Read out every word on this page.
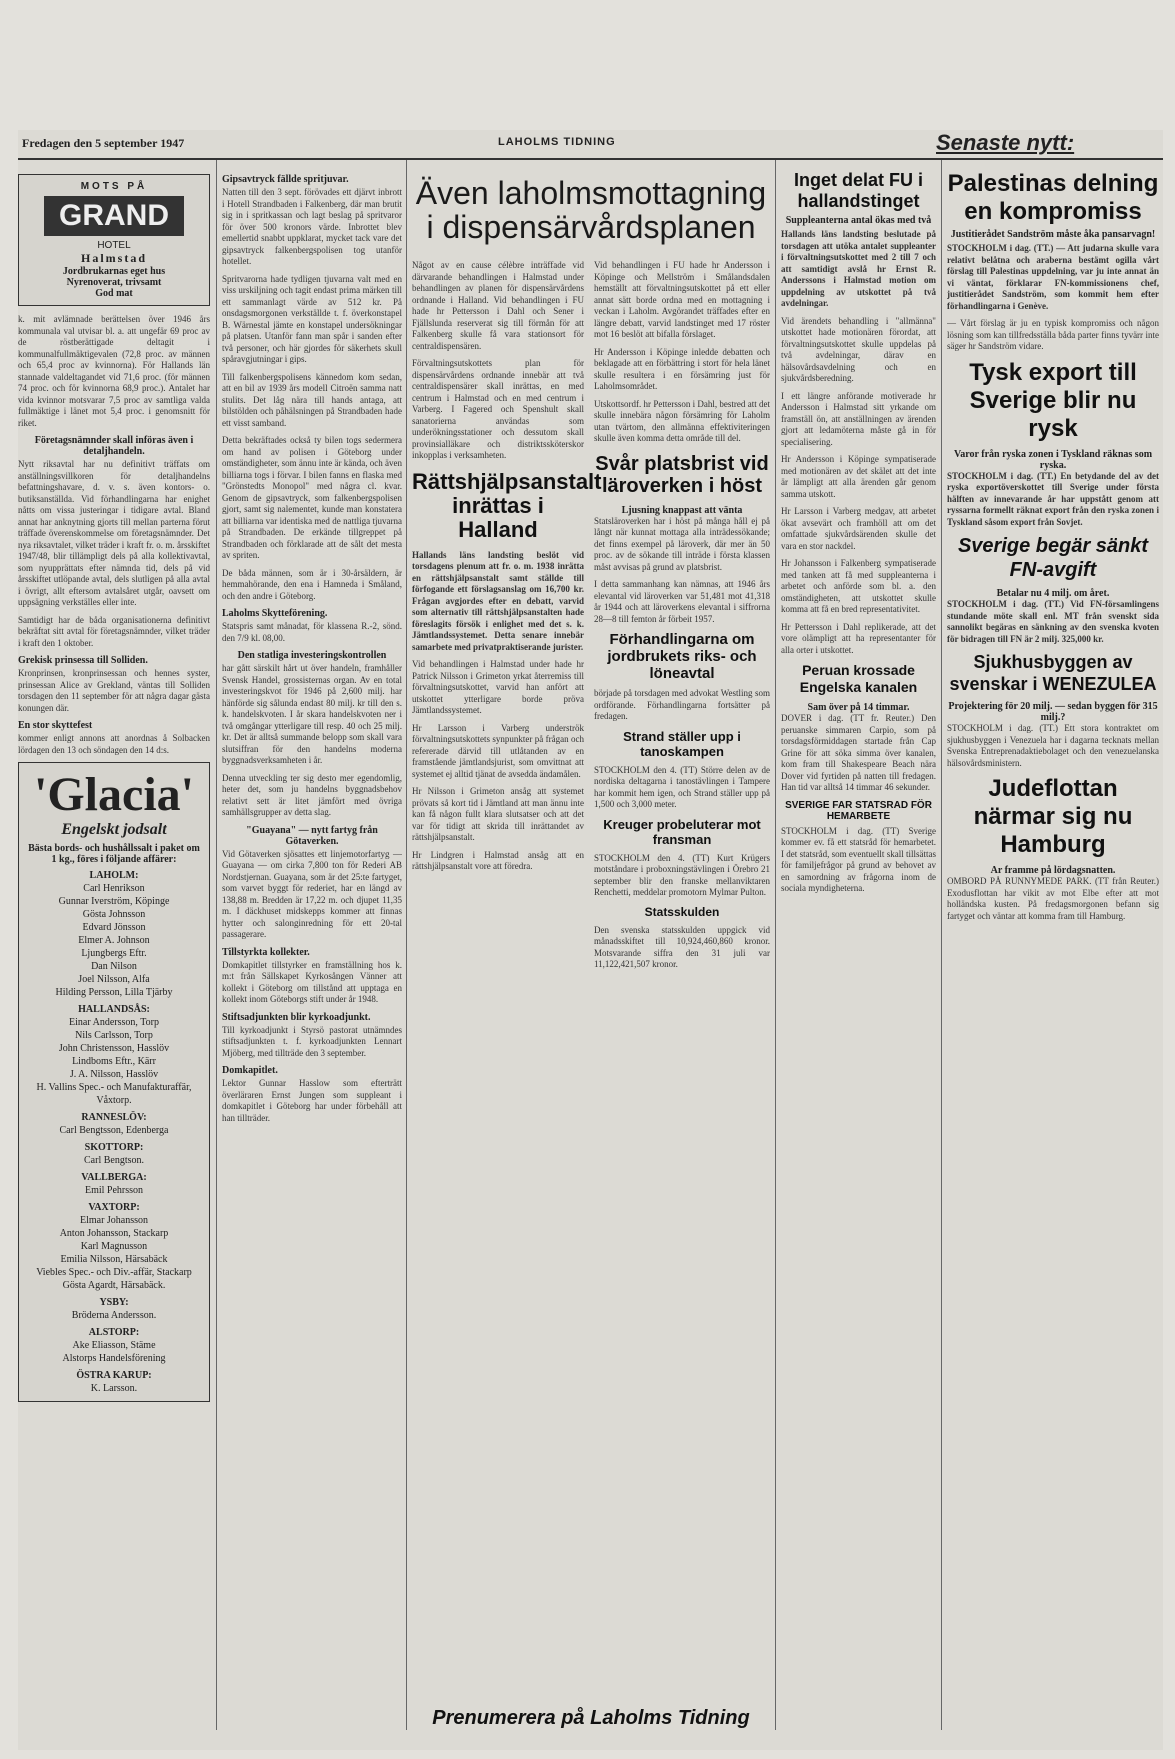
Fredagen den 5 september 1947	LAHOLMS TIDNING	Senaste nytt:
MOTS PÅ
GRAND
HOTEL
Halmstad
Jordbrukarnas eget hus
Nyrenoverat, trivsamt
God mat

k. mit avlämnade berättelsen över 1946 års kommunala val utvisar bl. a. att ungefär 69 proc av de röstberättigade deltagit i kommunalfullmäktigevalen (72,8 proc. av männen och 65,4 proc av kvinnorna). För Hallands län stannade valdeltagandet vid 71,6 proc. (för männen 74 proc. och för kvinnorna 68,9 proc.). Antalet har vida kvinnor motsvarar 7,5 proc av samtliga valda fullmäktige i länet mot 5,4 proc. i genomsnitt för riket.

Företagsnämnder skall införas även i detaljhandeln.

Nytt riksavtal har nu definitivt träffats om anställningsvillkoren för detaljhandelns befattningshavare, d. v. s. även kontors- o. butiksanställda. Vid förhandlingarna har enighet nåtts om vissa justeringar i tidigare avtal. Bland annat har anknytning gjorts till mellan parterna förut träffade överenskommelse om företagsnämnder. Det nya riksavtalet, vilket träder i kraft fr. o. m. årsskiftet 1947/48, blir tillämpligt dels på alla kollektivavtal, som nyupprättats efter nämnda tid, dels på vid årsskiftet utlöpande avtal, dels slutligen på alla avtal i övrigt, allt eftersom avtalsåret utgår, oavsett om uppsägning verkställes eller inte.

Samtidigt har de båda organisationerna definitivt bekräftat sitt avtal för företagsnämnder, vilket träder i kraft den 1 oktober.

Grekisk prinsessa till Solliden.

Kronprinsen, kronprinsessan och hennes syster, prinsessan Alice av Grekland, väntas till Solliden torsdagen den 11 september för att några dagar gästa konungen där.

En stor skyttefest

kommer enligt annons att anordnas å Solbacken lördagen den 13 och söndagen den 14 d:s.

'Glacia'
Engelskt jodsalt
Bästa bords- och hushållssalt i paket om 1 kg., föres i följande affärer:
LAHOLM:
Carl Henrikson
Gunnar Iverström, Köpinge
Gösta Johnsson
Edvard Jönsson
Elmer A. Johnson
Ljungbergs Eftr.
Dan Nilson
Joel Nilsson, Alfa
Hilding Persson, Lilla Tjärby
HALLANDSÅS:
Einar Andersson, Torp
Nils Carlsson, Torp
John Christensson, Hasslöv
Lindboms Eftr., Kärr
J. A. Nilsson, Hasslöv
H. Vallins Spec.- och Manufakturaffär, Våxtorp.
RANNESLÖV:
Carl Bengtsson, Edenberga
SKOTTORP:
Carl Bengtson.
VALLBERGA:
Emil Pehrsson
VAXTORP:
Elmar Johansson
Anton Johansson, Stackarp
Karl Magnusson
Emilia Nilsson, Härsabäck
Viebles Spec.- och Div.-affär, Stackarp
Gösta Agardt, Härsabäck.
YSBY:
Bröderna Andersson.
ALSTORP:
Ake Eliasson, Stäme
Alstorps Handelsförening
ÖSTRA KARUP:
K. Larsson.
Gipsavtryck fällde spritjuvar.

Natten till den 3 sept. förövades ett djärvt inbrott i Hotell Strandbaden i Falkenberg, där man brutit sig in i spritkassan och lagt beslag på spritvaror för över 500 kronors värde. Inbrottet blev emellertid snabbt uppklarat, mycket tack vare det gipsavtryck falkenbergspolisen tog utanför hotellet.

Spritvarorna hade tydligen tjuvarna valt med en viss urskiljning och tagit endast prima märken till ett sammanlagt värde av 512 kr. På onsdagsmorgonen verkställde t. f. överkonstapel B. Wärnestal jämte en konstapel undersökningar på platsen. Utanför fann man spår i sanden efter två personer, och här gjordes för säkerhets skull spåravgjutningar i gips.

Till falkenbergspolisens kännedom kom sedan, att en bil av 1939 års modell Citroën samma natt stulits. Det låg nära till hands antaga, att bilstölden och påhälsningen på Strandbaden hade ett visst samband.

Detta bekräftades också ty bilen togs sedermera om hand av polisen i Göteborg under omständigheter, som ännu inte är kända, och även billiarna togs i förvar. I bilen fanns en flaska med "Grönstedts Monopol" med några cl. kvar. Genom de gipsavtryck, som falkenbergspolisen gjort, samt sig nalementet, kunde man konstatera att billiarna var identiska med de nattliga tjuvarna på Strandbaden. De erkände tillgreppet på Strandbaden och förklarade att de sålt det mesta av spriten.

De båda männen, som är i 30-årsäldern, är hemmahörande, den ena i Hamneda i Småland, och den andre i Göteborg.

Laholms Skytteförening.

Statspris samt månadat, för klassena R.-2, sönd. den 7/9 kl. 08,00.

Den statliga investeringskontrollen

har gått särskilt hårt ut över handeln, framhåller Svensk Handel, grossisternas organ. Av en total investeringskvot för 1946 på 2,600 milj. har hänförde sig sålunda endast 80 milj. kr till den s. k. handelskvoten. I år skara handelskvoten ner i två omgångar ytterligare till resp. 40 och 25 milj. kr. Det är alltså summande belopp som skall vara slutsiffran för den handelns moderna byggnadsverksamheten i år.

Denna utveckling ter sig desto mer egendomlig, heter det, som ju handelns byggnadsbehov relativt sett är litet jämfört med övriga samhällsgrupper av detta slag.

"Guayana" — nytt fartyg från Götaverken.

Vid Götaverken sjösattes ett linjemotorfartyg — Guayana — om cirka 7,800 ton för Rederi AB Nordstjernan. Guayana, som är det 25:te fartyget, som varvet byggt för rederiet, har en längd av 138,88 m. Bredden är 17,22 m. och djupet 11,35 m. I däckhuset midskepps kommer att finnas hytter och salonginredning för ett 20-tal passagerare.

Tillstyrkta kollekter.

Domkapitlet tillstyrker en framställning hos k. m:t från Sällskapet Kyrkosången Vänner att kollekt i Göteborg om tillstånd att upptaga en kollekt inom Göteborgs stift under år 1948.

Stiftsadjunkten blir kyrkoadjunkt.

Till kyrkoadjunkt i Styrsö pastorat utnämndes stiftsadjunkten t. f. kyrkoadjunkten Lennart Mjöberg, med tillträde den 3 september.

Domkapitlet.

Lektor Gunnar Hasslow som efterträtt överläraren Ernst Jungen som suppleant i domkapitlet i Göteborg har under förbehåll att han tillträder.

Även laholmsmottagning i dispensärvårdsplanen

Något av en cause célèbre inträffade vid därvarande behandlingen i Halmstad under behandlingen av planen för dispensärvårdens ordnande i Halland. Vid behandlingen i FU hade hr Pettersson i Dahl och Sener i Fjällslunda reserverat sig till förmån för att Falkenberg skulle få vara stationsort för centraldispensären.

Förvaltningsutskottets plan för dispensärvårdens ordnande innebär att två centraldispensärer skall inrättas, en med centrum i Halmstad och en med centrum i Varberg. I Fagered och Spenshult skall sanatorierna användas som underökningsstationer och dessutom skall provinsialläkare och distriktssköterskor inkopplas i verksamheten.

Rättshjälpsanstalt inrättas i Halland

Hallands läns landsting beslöt vid torsdagens plenum att fr. o. m. 1938 inrätta en rättshjälpsanstalt samt ställde till förfogande ett förslagsanslag om 16,700 kr. Frågan avgjordes efter en debatt, varvid som alternativ till rättshjälpsanstalten hade föreslagits försök i enlighet med det s. k. Jämtlandssystemet. Detta senare innebär samarbete med privatpraktiserande jurister.

Vid behandlingen i Halmstad under hade hr Patrick Nilsson i Grimeton yrkat återremiss till förvaltningsutskottet, varvid han anfört att utskottet ytterligare borde pröva Jämtlandssystemet.

Hr Larsson i Varberg underströk förvaltningsutskottets synpunkter på frågan och refererade därvid till utlåtanden av en framstående jämtlandsjurist, som omvittnat att systemet ej alltid tjänat de avsedda ändamålen.

Hr Nilsson i Grimeton ansåg att systemet prövats så kort tid i Jämtland att man ännu inte kan få någon fullt klara slutsatser och att det var för tidigt att skrida till inrättandet av rättshjälpsanstalt.

Hr Lindgren i Halmstad ansåg att en rättshjälpsanstalt vore att föredra.

Vid behandlingen i FU hade hr Andersson i Köpinge och Mellström i Smålandsdalen hemställt att förvaltningsutskottet på ett eller annat sätt borde ordna med en mottagning i veckan i Laholm. Avgörandet träffades efter en längre debatt, varvid landstinget med 17 röster mot 16 beslöt att bifalla förslaget.

Hr Andersson i Köpinge inledde debatten och beklagade att en förbättring i stort för hela länet skulle resultera i en försämring just för Laholmsområdet.

Utskottsordf. hr Pettersson i Dahl, bestred att det skulle innebära någon försämring för Laholm utan tvärtom, den allmänna effektiviteringen skulle även komma detta område till del.

Svår platsbrist vid läroverken i höst
Ljusning knappast att vänta

Statsläroverken har i höst på många håll ej på långt när kunnat mottaga alla inträdessökande; det finns exempel på läroverk, där mer än 50 proc. av de sökande till inträde i första klassen måst avvisas på grund av platsbrist.

I detta sammanhang kan nämnas, att 1946 års elevantal vid läroverken var 51,481 mot 41,318 år 1944 och att läroverkens elevantal i siffrorna 28—8 till femton år förbeit 1957.

Förhandlingarna om jordbrukets riks- och löneavtal

började på torsdagen med advokat Westling som ordförande. Förhandlingarna fortsätter på fredagen.

Strand ställer upp i tanoskampen

STOCKHOLM den 4. (TT) Större delen av de nordiska deltagarna i tanostävlingen i Tampere har kommit hem igen, och Strand ställer upp på 1,500 och 3,000 meter.

Kreuger probeluterar mot fransman

STOCKHOLM den 4. (TT) Kurt Krügers motståndare i proboxningstävlingen i Örebro 21 september blir den franske mellanviktaren Renchetti, meddelar promotorn Mylmar Pulton.

Statsskulden

Den svenska statsskulden uppgick vid månadsskiftet till 10,924,460,860 kronor. Motsvarande siffra den 31 juli var 11,122,421,507 kronor.

Prenumerera på Laholms Tidning
Inget delat FU i hallandstinget
Suppleanterna antal ökas med två

Hallands läns landsting beslutade på torsdagen att utöka antalet suppleanter i förvaltningsutskottet med 2 till 7 och att samtidigt avslå hr Ernst R. Anderssons i Halmstad motion om uppdelning av utskottet på två avdelningar.

Vid ärendets behandling i "allmänna" utskottet hade motionären förordat, att förvaltningsutskottet skulle uppdelas på två avdelningar, därav en hälsovårdsavdelning och en sjukvårdsberedning.

I ett längre anförande motiverade hr Andersson i Halmstad sitt yrkande om framställ ön, att anställningen av ärenden gjort att ledamöterna måste gå in för specialisering.

Hr Andersson i Köpinge sympatiserade med motionären av det skälet att det inte är lämpligt att alla ärenden går genom samma utskott.

Hr Larsson i Varberg medgav, att arbetet ökat avsevärt och framhöll att om det omfattade sjukvårdsärenden skulle det vara en stor nackdel.

Hr Johansson i Falkenberg sympatiserade med tanken att få med suppleanterna i arbetet och anförde som bl. a. den omständigheten, att utskottet skulle komma att få en bred representativitet.

Hr Pettersson i Dahl replikerade, att det vore olämpligt att ha representanter för alla orter i utskottet.

Peruan krossade Engelska kanalen
Sam över på 14 timmar.

DOVER i dag. (TT fr. Reuter.) Den peruanske simmaren Carpio, som på torsdagsförmiddagen startade från Cap Grine för att söka simma över kanalen, kom fram till Shakespeare Beach nära Dover vid fyrtiden på natten till fredagen. Han tid var alltså 14 timmar 46 sekunder.

SVERIGE FAR STATSRAD FÖR HEMARBETE

STOCKHOLM i dag. (TT) Sverige kommer ev. få ett statsråd för hemarbetet. I det statsråd, som eventuellt skall tillsättas för familjefrågor på grund av behovet av en samordning av frågorna inom de sociala myndigheterna.

Palestinas delning en kompromiss
Justitierådet Sandström måste åka pansarvagn!

STOCKHOLM i dag. (TT.) — Att judarna skulle vara relativt belåtna och araberna bestämt ogilla vårt förslag till Palestinas uppdelning, var ju inte annat än vi väntat, förklarar FN-kommissionens chef, justitierådet Sandström, som kommit hem efter förhandlingarna i Genève.

— Vårt förslag är ju en typisk kompromiss och någon lösning som kan tillfredsställa båda parter finns tyvärr inte säger hr Sandström vidare.

Tysk export till Sverige blir nu rysk
Varor från ryska zonen i Tyskland räknas som ryska.

STOCKHOLM i dag. (TT.) En betydande del av det ryska exportöverskottet till Sverige under första hälften av innevarande år har uppstått genom att ryssarna formellt räknat export från den ryska zonen i Tyskland såsom export från Sovjet.

Sverige begär sänkt FN-avgift
Betalar nu 4 milj. om året.

STOCKHOLM i dag. (TT.) Vid FN-församlingens stundande möte skall enl. MT från svenskt sida sannolikt begäras en sänkning av den svenska kvoten för bidragen till FN är 2 milj. 325,000 kr.

Sjukhusbyggen av svenskar i WENEZULEA
Projektering för 20 milj. — sedan byggen för 315 milj.?

STOCKHOLM i dag. (TT.) Ett stora kontraktet om sjukhusbyggen i Venezuela har i dagarna tecknats mellan Svenska Entreprenadaktiebolaget och den venezuelanska hälsovårdsministern.

Judeflottan närmar sig nu Hamburg
Ar framme på lördagsnatten.

OMBORD PÅ RUNNYMEDE PARK. (TT från Reuter.) Exodusflottan har vikit av mot Elbe efter att mot holländska kusten. På fredagsmorgonen befann sig fartyget och väntar att komma fram till Hamburg.
